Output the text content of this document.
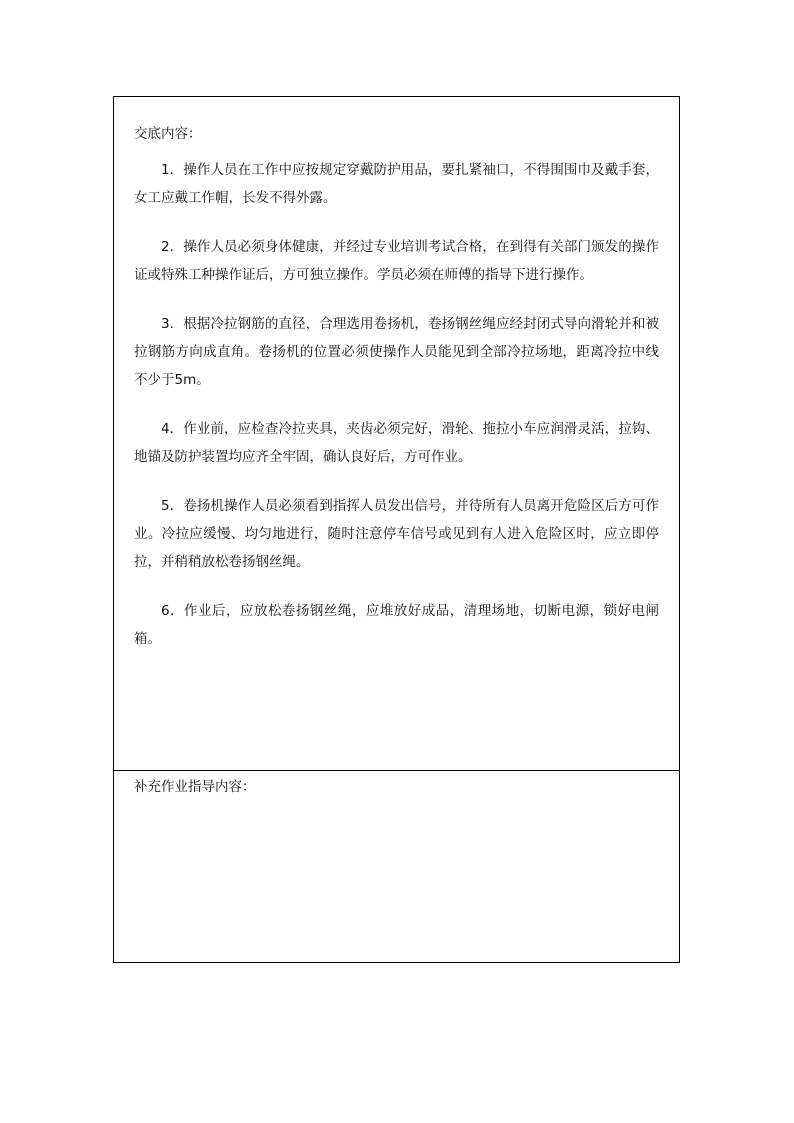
交底内容：

1．操作人员在工作中应按规定穿戴防护用品，要扎紧袖口，不得围围巾及戴手套，女工应戴工作帽，长发不得外露。

2．操作人员必须身体健康，并经过专业培训考试合格，在到得有关部门颁发的操作证或特殊工种操作证后，方可独立操作。学员必须在师傅的指导下进行操作。

3．根据冷拉钢筋的直径，合理选用卷扬机，卷扬钢丝绳应经封闭式导向滑轮并和被拉钢筋方向成直角。卷扬机的位置必须使操作人员能见到全部冷拉场地，距离冷拉中线不少于5m。

4．作业前，应检查冷拉夹具，夹齿必须完好，滑轮、拖拉小车应润滑灵活，拉钩、地锚及防护装置均应齐全牢固，确认良好后，方可作业。

5．卷扬机操作人员必须看到指挥人员发出信号，并待所有人员离开危险区后方可作业。冷拉应缓慢、均匀地进行，随时注意停车信号或见到有人进入危险区时，应立即停拉，并稍稍放松卷扬钢丝绳。

6．作业后，应放松卷扬钢丝绳，应堆放好成品，清理场地，切断电源，锁好电闸箱。

补充作业指导内容：
